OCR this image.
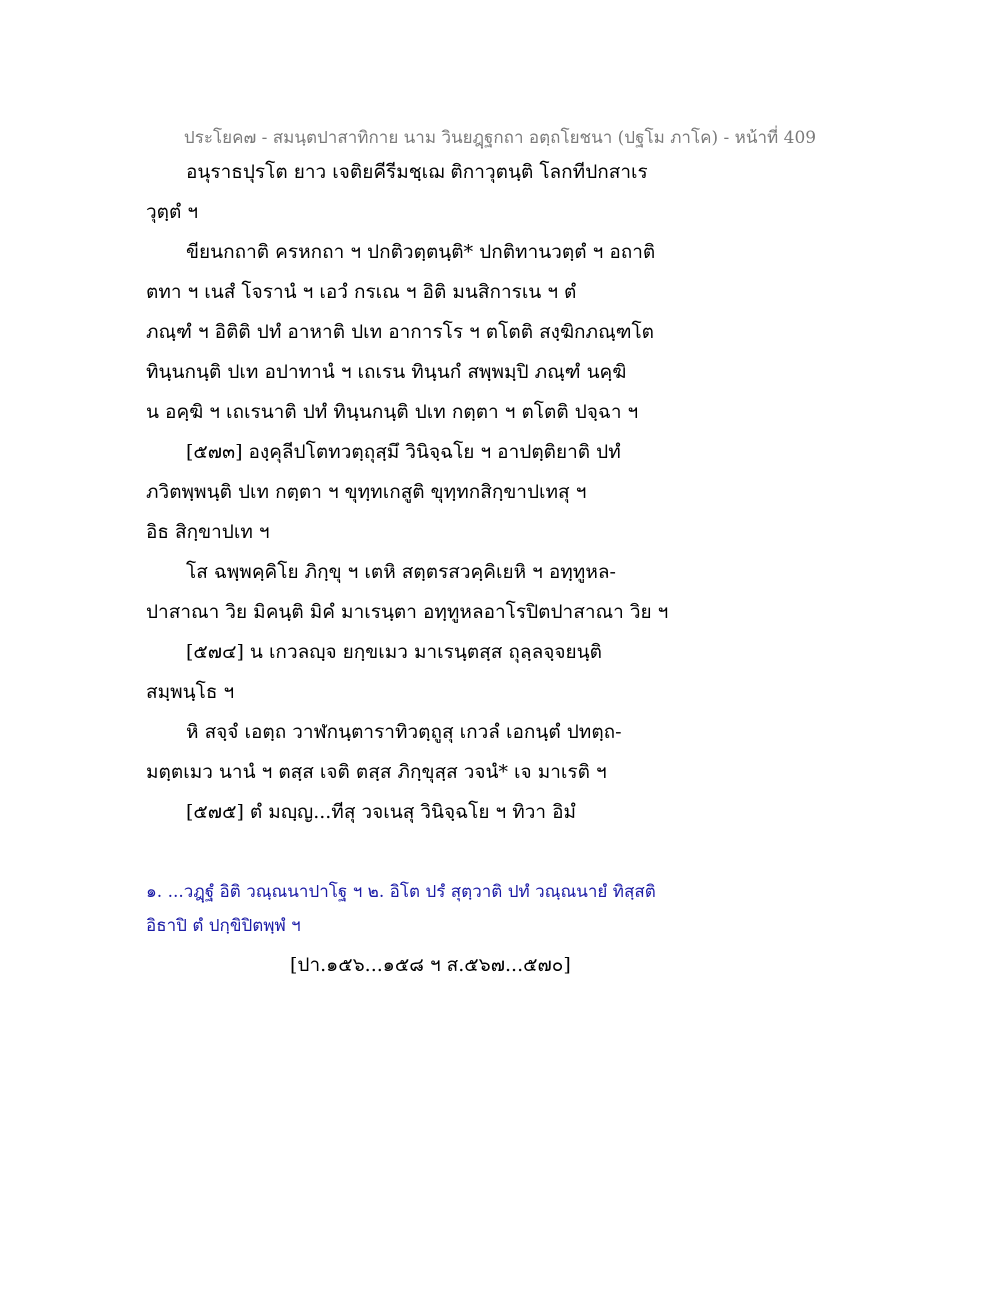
ประโยค๗ - สมนฺตปาสาทิกาย นาม วินยฎฺฐกถา อตฺถโยชนา (ปฐโม ภาโค) - หน้าที่ 409
อนุราธปุรโต ยาว เจติยคีรีมชฺเฌ ติกาวุตนฺติ โลกทีปกสาเร
วุตฺตํ ฯ
ขียนกถาติ ครหกถา ฯ ปกติวตฺตนฺติ* ปกติทานวตฺตํ ฯ อถาติ
ตทา ฯ เนสํ โจรานํ ฯ เอวํ กรเณ ฯ อิติ มนสิการเน ฯ ตํ
ภณฺฑํ ฯ อิติติ ปทํ อาหาติ ปเท อาการโร ฯ ตโตติ สงฺฆิกภณฺฑโต
ทินฺนกนฺติ ปเท อปาทานํ ฯ เถเรน ทินฺนกํ สพฺพมฺปิ ภณฺฑํ นคฺฆิ
น อคฺฆิ ฯ เถเรนาติ ปทํ ทินฺนกนฺติ ปเท กตฺตา ฯ ตโตติ ปจฺฉา ฯ
[๕๗๓] องฺคุลีปโตทวตฺถุสฺมึ วินิจฺฉโย ฯ อาปตฺติยาติ ปทํ
ภวิตพฺพนฺติ ปเท กตฺตา ฯ ขุทฺทเกสูติ ขุทฺทกสิกฺขาปเทสุ ฯ
อิธ สิกฺขาปเท ฯ
โส ฉพฺพคฺคิโย ภิกฺขุ ฯ เตหิ สตฺตรสวคฺคิเยหิ ฯ อทฺทูหล-
ปาสาณา วิย มิคนฺติ มิคํ มาเรนฺตา อทฺทูหลอาโรปิตปาสาณา วิย ฯ
[๕๗๔] น เกวลญฺจ ยกฺขเมว มาเรนฺตสฺส ถุลฺลจฺจยนฺติ
สมฺพนฺโธ ฯ
หิ สจฺจํ เอตฺถ วาฬกนฺตาราทิวตฺถูสุ เกวลํ เอกนฺตํ ปทตฺถ-
มตฺตเมว นานํ ฯ ตสฺส เจติ ตสฺส ภิกฺขุสฺส วจนํ* เจ มาเรติ ฯ
[๕๗๕] ตํ มญฺญ...ทีสุ วจเนสุ วินิจฺฉโย ฯ ทิวา อิมํ
๑. ...วฎฺฐํ อิติ วณฺณนาปาโฐ ฯ ๒. อิโต ปรํ สุตฺวาติ ปทํ วณฺณนายํ ทิสฺสติ
อิธาปิ ตํ ปกฺขิปิตพฺพํ ฯ
[ปา.๑๕๖...๑๕๘ ฯ ส.๕๖๗...๕๗๐]
